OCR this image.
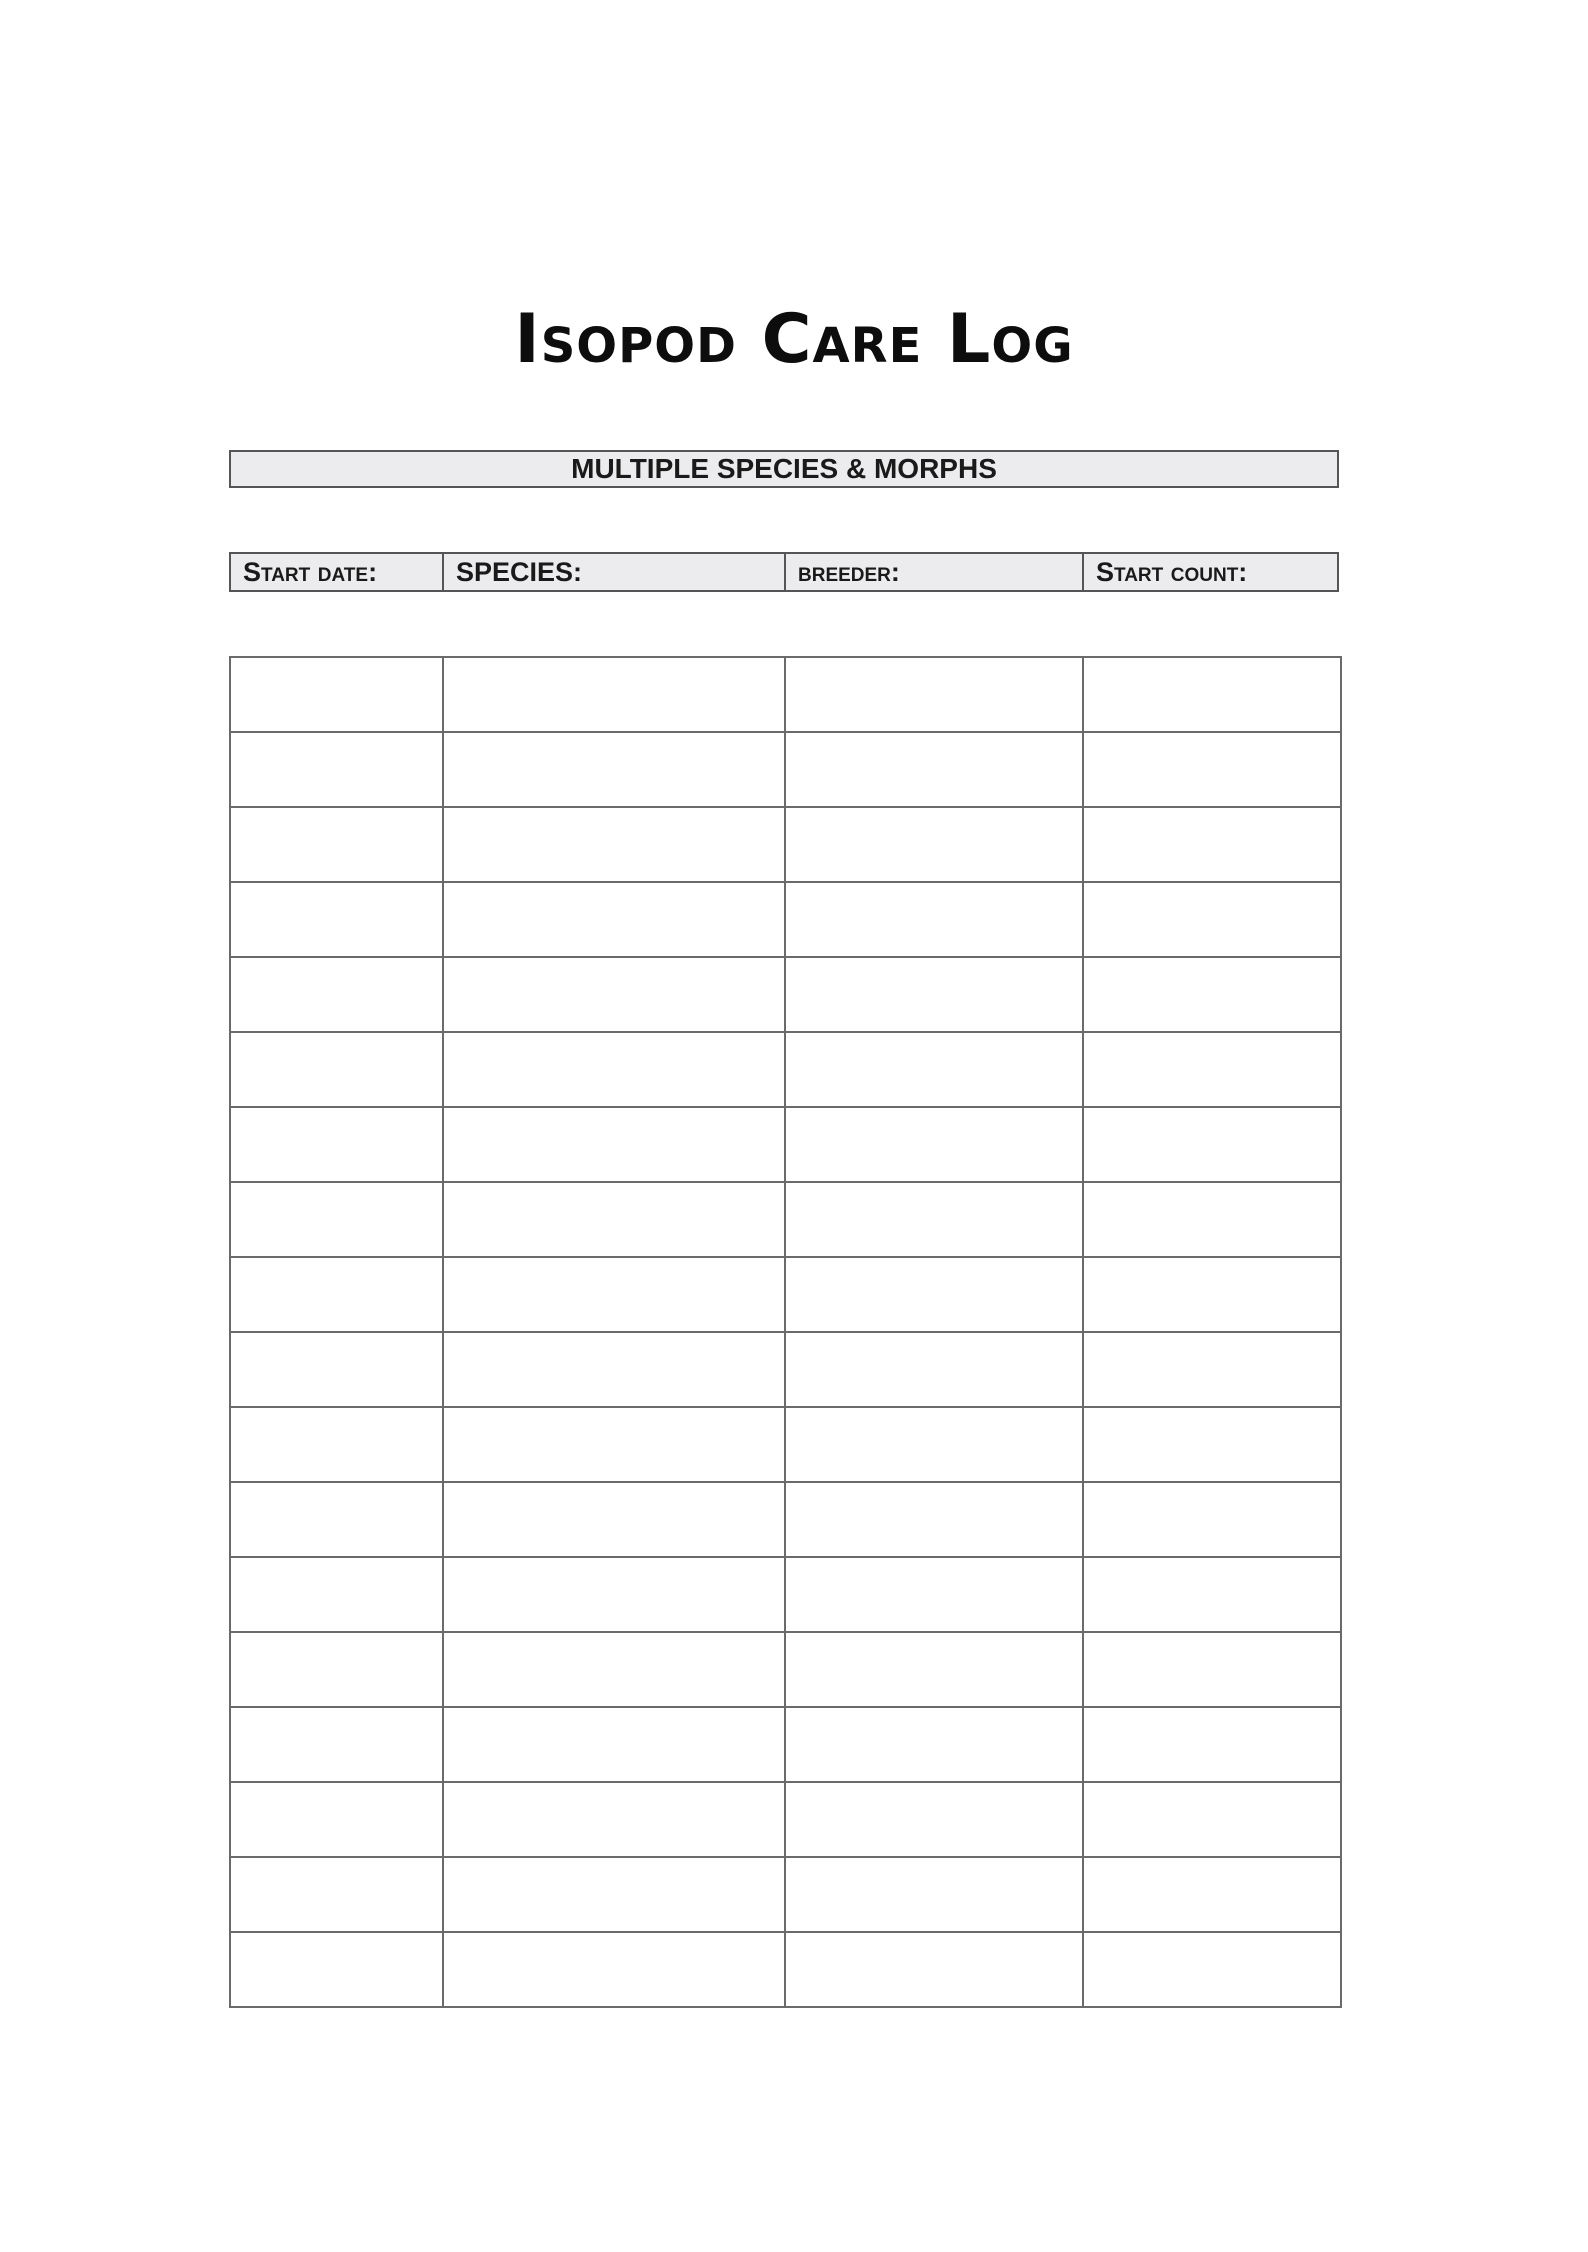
Isopod Care Log
MULTIPLE SPECIES & MORPHS
Start date:	SPECIES:	breeder:	Start count:
